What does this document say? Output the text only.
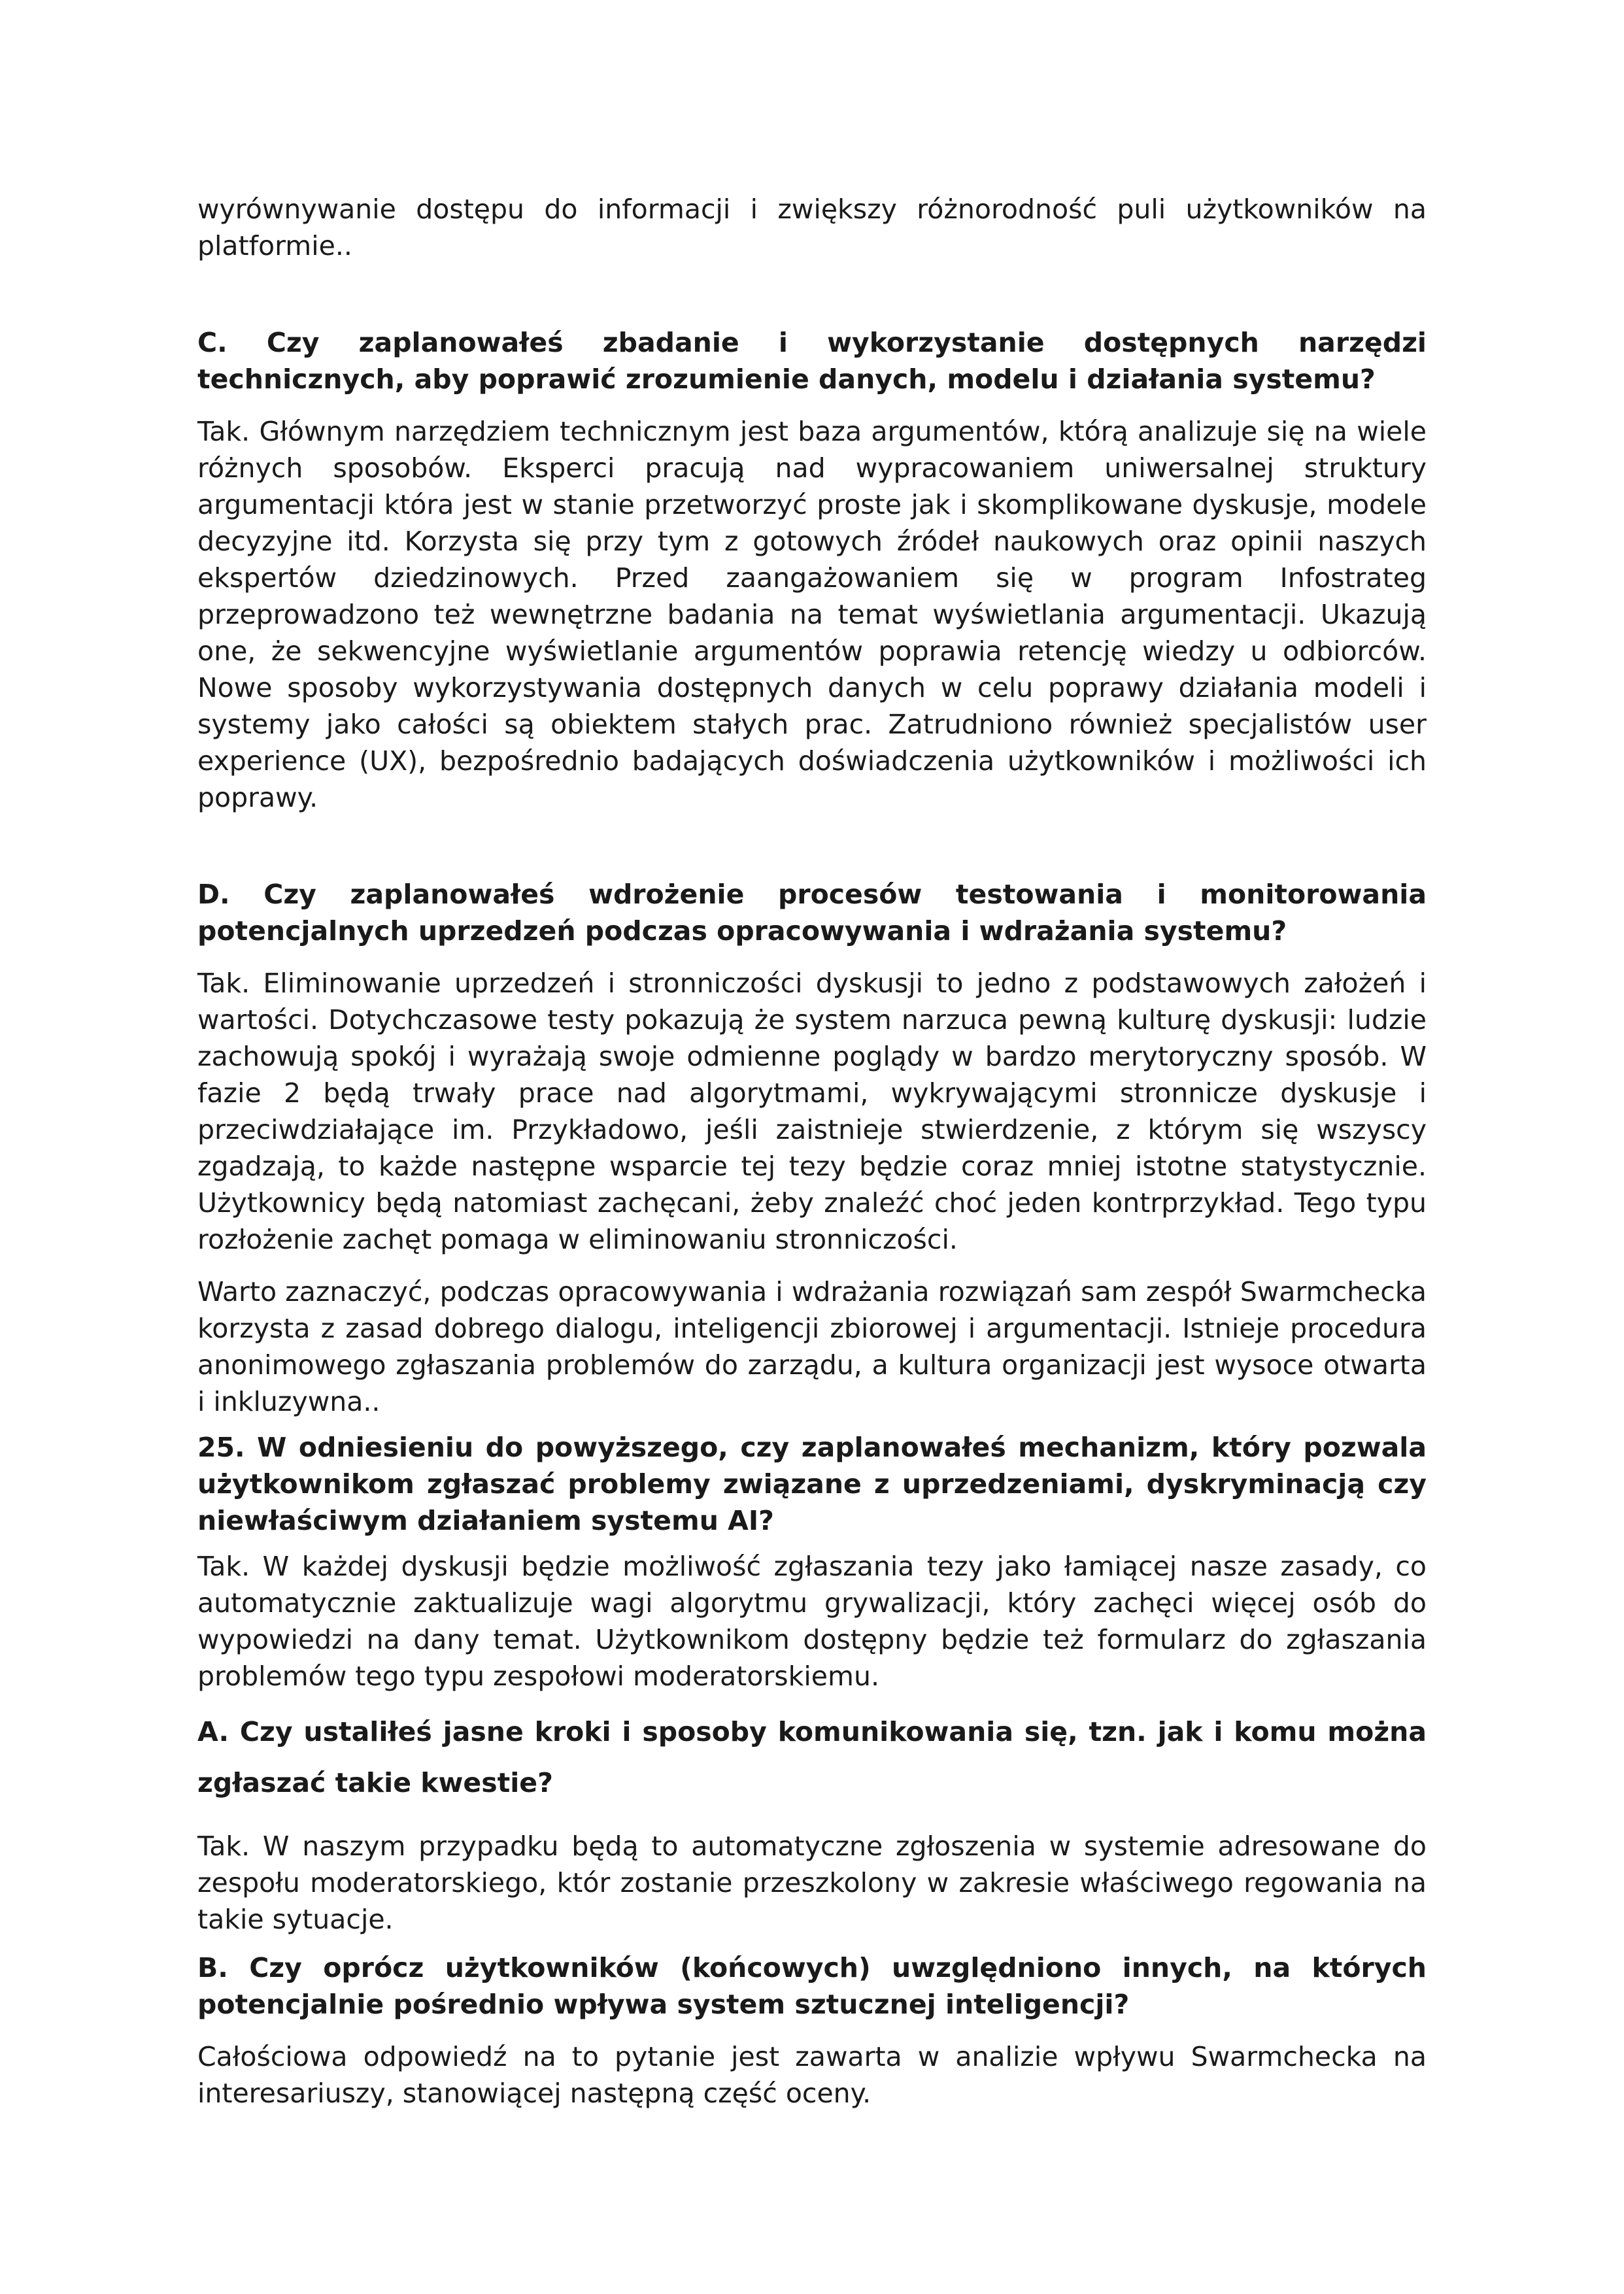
wyrównywanie dostępu do informacji i zwiększy różnorodność puli użytkowników na platformie..

C. Czy zaplanowałeś zbadanie i wykorzystanie dostępnych narzędzi technicznych, aby poprawić zrozumienie danych, modelu i działania systemu?

Tak. Głównym narzędziem technicznym jest baza argumentów, którą analizuje się na wiele różnych sposobów. Eksperci pracują nad wypracowaniem uniwersalnej struktury argumentacji która jest w stanie przetworzyć proste jak i skomplikowane dyskusje, modele decyzyjne itd. Korzysta się przy tym z gotowych źródeł naukowych oraz opinii naszych ekspertów dziedzinowych. Przed zaangażowaniem się w program Infostrateg przeprowadzono też wewnętrzne badania na temat wyświetlania argumentacji. Ukazują one, że sekwencyjne wyświetlanie argumentów poprawia retencję wiedzy u odbiorców. Nowe sposoby wykorzystywania dostępnych danych w celu poprawy działania modeli i systemy jako całości są obiektem stałych prac. Zatrudniono również specjalistów user experience (UX), bezpośrednio badających doświadczenia użytkowników i możliwości ich poprawy.

D. Czy zaplanowałeś wdrożenie procesów testowania i monitorowania potencjalnych uprzedzeń podczas opracowywania i wdrażania systemu?

Tak. Eliminowanie uprzedzeń i stronniczości dyskusji to jedno z podstawowych założeń i wartości. Dotychczasowe testy pokazują że system narzuca pewną kulturę dyskusji: ludzie zachowują spokój i wyrażają swoje odmienne poglądy w bardzo merytoryczny sposób. W fazie 2 będą trwały prace nad algorytmami, wykrywającymi stronnicze dyskusje i przeciwdziałające im. Przykładowo, jeśli zaistnieje stwierdzenie, z którym się wszyscy zgadzają, to każde następne wsparcie tej tezy będzie coraz mniej istotne statystycznie. Użytkownicy będą natomiast zachęcani, żeby znaleźć choć jeden kontrprzykład. Tego typu rozłożenie zachęt pomaga w eliminowaniu stronniczości.

Warto zaznaczyć, podczas opracowywania i wdrażania rozwiązań sam zespół Swarmchecka korzysta z zasad dobrego dialogu, inteligencji zbiorowej i argumentacji. Istnieje procedura anonimowego zgłaszania problemów do zarządu, a kultura organizacji jest wysoce otwarta i inkluzywna..

25. W odniesieniu do powyższego, czy zaplanowałeś mechanizm, który pozwala użytkownikom zgłaszać problemy związane z uprzedzeniami, dyskryminacją czy niewłaściwym działaniem systemu AI?

Tak. W każdej dyskusji będzie możliwość zgłaszania tezy jako łamiącej nasze zasady, co automatycznie zaktualizuje wagi algorytmu grywalizacji, który zachęci więcej osób do wypowiedzi na dany temat. Użytkownikom dostępny będzie też formularz do zgłaszania problemów tego typu zespołowi moderatorskiemu.

A. Czy ustaliłeś jasne kroki i sposoby komunikowania się, tzn. jak i komu można zgłaszać takie kwestie?

Tak. W naszym przypadku będą to automatyczne zgłoszenia w systemie adresowane do zespołu moderatorskiego, któr zostanie przeszkolony w zakresie właściwego regowania na takie sytuacje.

B. Czy oprócz użytkowników (końcowych) uwzględniono innych, na których potencjalnie pośrednio wpływa system sztucznej inteligencji?

Całościowa odpowiedź na to pytanie jest zawarta w analizie wpływu Swarmchecka na interesariuszy, stanowiącej następną część oceny.
